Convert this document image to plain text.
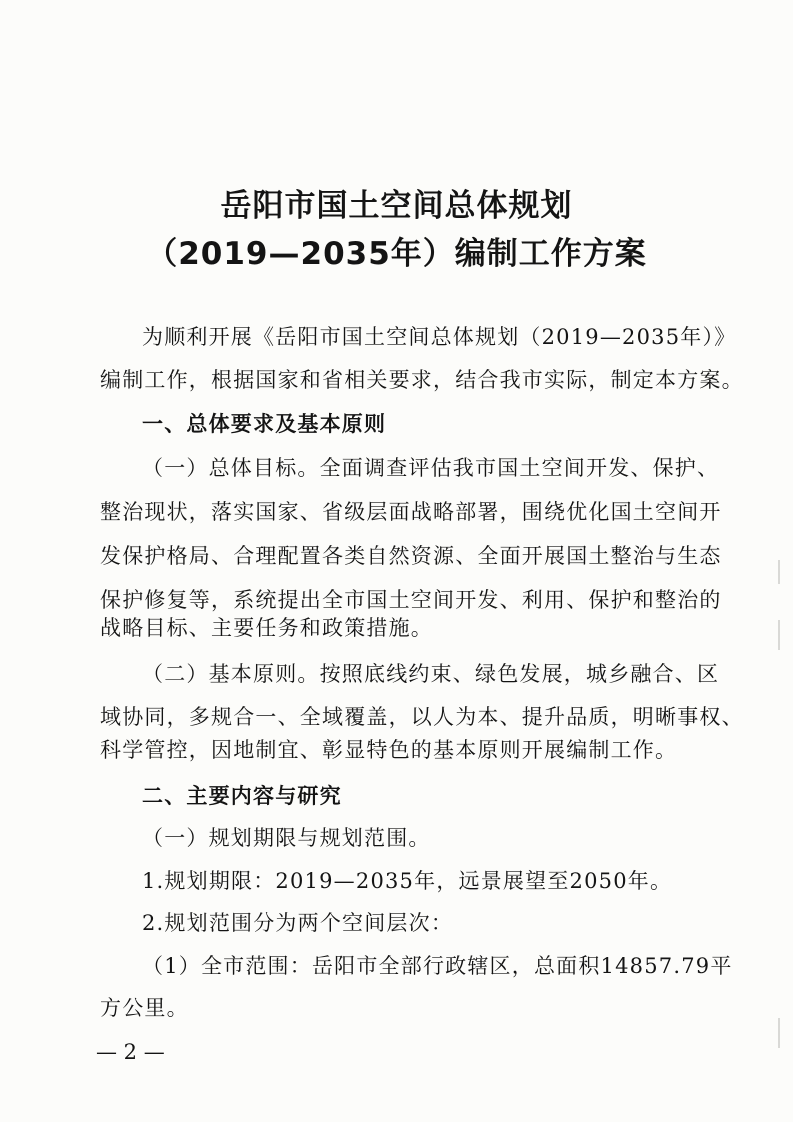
岳阳市国土空间总体规划
（2019—2035年）编制工作方案
为顺利开展《岳阳市国土空间总体规划（2019—2035年）》
编制工作，根据国家和省相关要求，结合我市实际，制定本方案。
一、总体要求及基本原则
（一）总体目标。全面调查评估我市国土空间开发、保护、
整治现状，落实国家、省级层面战略部署，围绕优化国土空间开
发保护格局、合理配置各类自然资源、全面开展国土整治与生态
保护修复等，系统提出全市国土空间开发、利用、保护和整治的
战略目标、主要任务和政策措施。
（二）基本原则。按照底线约束、绿色发展，城乡融合、区
域协同，多规合一、全域覆盖，以人为本、提升品质，明晰事权、
科学管控，因地制宜、彰显特色的基本原则开展编制工作。
二、主要内容与研究
（一）规划期限与规划范围。
1.规划期限：2019—2035年，远景展望至2050年。
2.规划范围分为两个空间层次：
（1）全市范围：岳阳市全部行政辖区，总面积14857.79平
方公里。
— 2 —
